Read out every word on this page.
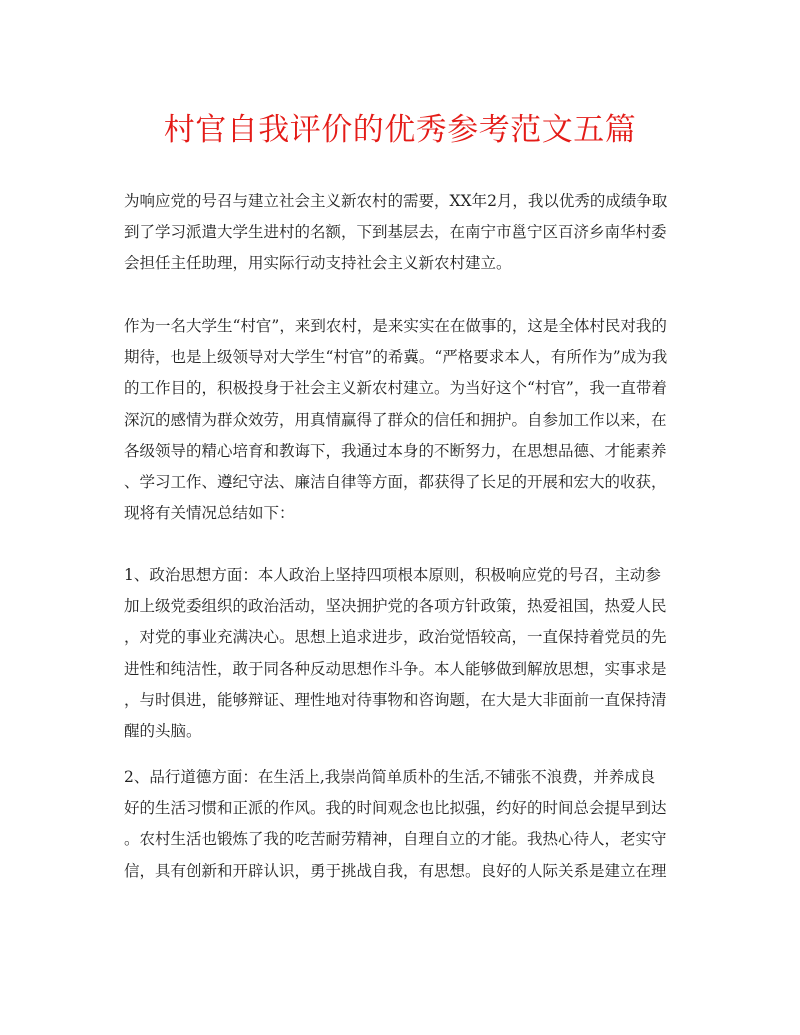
村官自我评价的优秀参考范文五篇

为响应党的号召与建立社会主义新农村的需要，XX年2月，我以优秀的成绩争取
到了学习派遣大学生进村的名额，下到基层去，在南宁市邕宁区百济乡南华村委
会担任主任助理，用实际行动支持社会主义新农村建立。

作为一名大学生“村官”，来到农村，是来实实在在做事的，这是全体村民对我的
期待，也是上级领导对大学生“村官”的希冀。“严格要求本人，有所作为”成为我
的工作目的，积极投身于社会主义新农村建立。为当好这个“村官”，我一直带着
深沉的感情为群众效劳，用真情赢得了群众的信任和拥护。自参加工作以来，在
各级领导的精心培育和教诲下，我通过本身的不断努力，在思想品德、才能素养
、学习工作、遵纪守法、廉洁自律等方面，都获得了长足的开展和宏大的收获，
现将有关情况总结如下：

1、政治思想方面：本人政治上坚持四项根本原则，积极响应党的号召，主动参
加上级党委组织的政治活动，坚决拥护党的各项方针政策，热爱祖国，热爱人民
，对党的事业充满决心。思想上追求进步，政治觉悟较高，一直保持着党员的先
进性和纯洁性，敢于同各种反动思想作斗争。本人能够做到解放思想，实事求是
，与时俱进，能够辩证、理性地对待事物和咨询题，在大是大非面前一直保持清
醒的头脑。

2、品行道德方面：在生活上,我崇尚简单质朴的生活,不铺张不浪费，并养成良
好的生活习惯和正派的作风。我的时间观念也比拟强，约好的时间总会提早到达
。农村生活也锻炼了我的吃苦耐劳精神，自理自立的才能。我热心待人，老实守
信，具有创新和开辟认识，勇于挑战自我，有思想。良好的人际关系是建立在理
